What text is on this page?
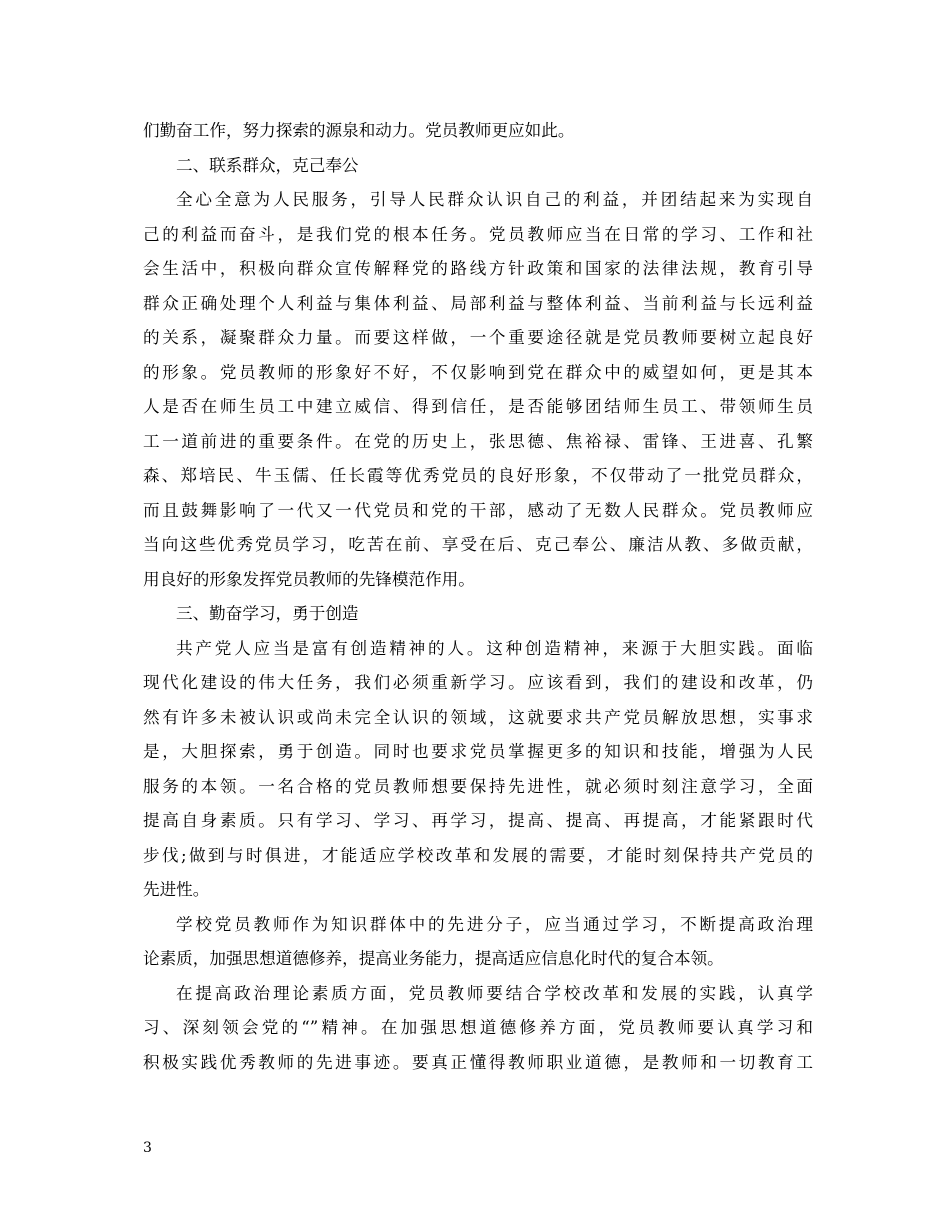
们勤奋工作，努力探索的源泉和动力。党员教师更应如此。
二、联系群众，克己奉公
全心全意为人民服务，引导人民群众认识自己的利益，并团结起来为实现自
己的利益而奋斗，是我们党的根本任务。党员教师应当在日常的学习、工作和社
会生活中，积极向群众宣传解释党的路线方针政策和国家的法律法规，教育引导
群众正确处理个人利益与集体利益、局部利益与整体利益、当前利益与长远利益
的关系，凝聚群众力量。而要这样做，一个重要途径就是党员教师要树立起良好
的形象。党员教师的形象好不好，不仅影响到党在群众中的威望如何，更是其本
人是否在师生员工中建立威信、得到信任，是否能够团结师生员工、带领师生员
工一道前进的重要条件。在党的历史上，张思德、焦裕禄、雷锋、王进喜、孔繁
森、郑培民、牛玉儒、任长霞等优秀党员的良好形象，不仅带动了一批党员群众，
而且鼓舞影响了一代又一代党员和党的干部，感动了无数人民群众。党员教师应
当向这些优秀党员学习，吃苦在前、享受在后、克己奉公、廉洁从教、多做贡献，
用良好的形象发挥党员教师的先锋模范作用。
三、勤奋学习，勇于创造
共产党人应当是富有创造精神的人。这种创造精神，来源于大胆实践。面临
现代化建设的伟大任务，我们必须重新学习。应该看到，我们的建设和改革，仍
然有许多未被认识或尚未完全认识的领域，这就要求共产党员解放思想，实事求
是，大胆探索，勇于创造。同时也要求党员掌握更多的知识和技能，增强为人民
服务的本领。一名合格的党员教师想要保持先进性，就必须时刻注意学习，全面
提高自身素质。只有学习、学习、再学习，提高、提高、再提高，才能紧跟时代
步伐;做到与时俱进，才能适应学校改革和发展的需要，才能时刻保持共产党员的
先进性。
学校党员教师作为知识群体中的先进分子，应当通过学习，不断提高政治理
论素质，加强思想道德修养，提高业务能力，提高适应信息化时代的复合本领。
在提高政治理论素质方面，党员教师要结合学校改革和发展的实践，认真学
习、深刻领会党的“”精神。在加强思想道德修养方面，党员教师要认真学习和
积极实践优秀教师的先进事迹。要真正懂得教师职业道德，是教师和一切教育工
3
